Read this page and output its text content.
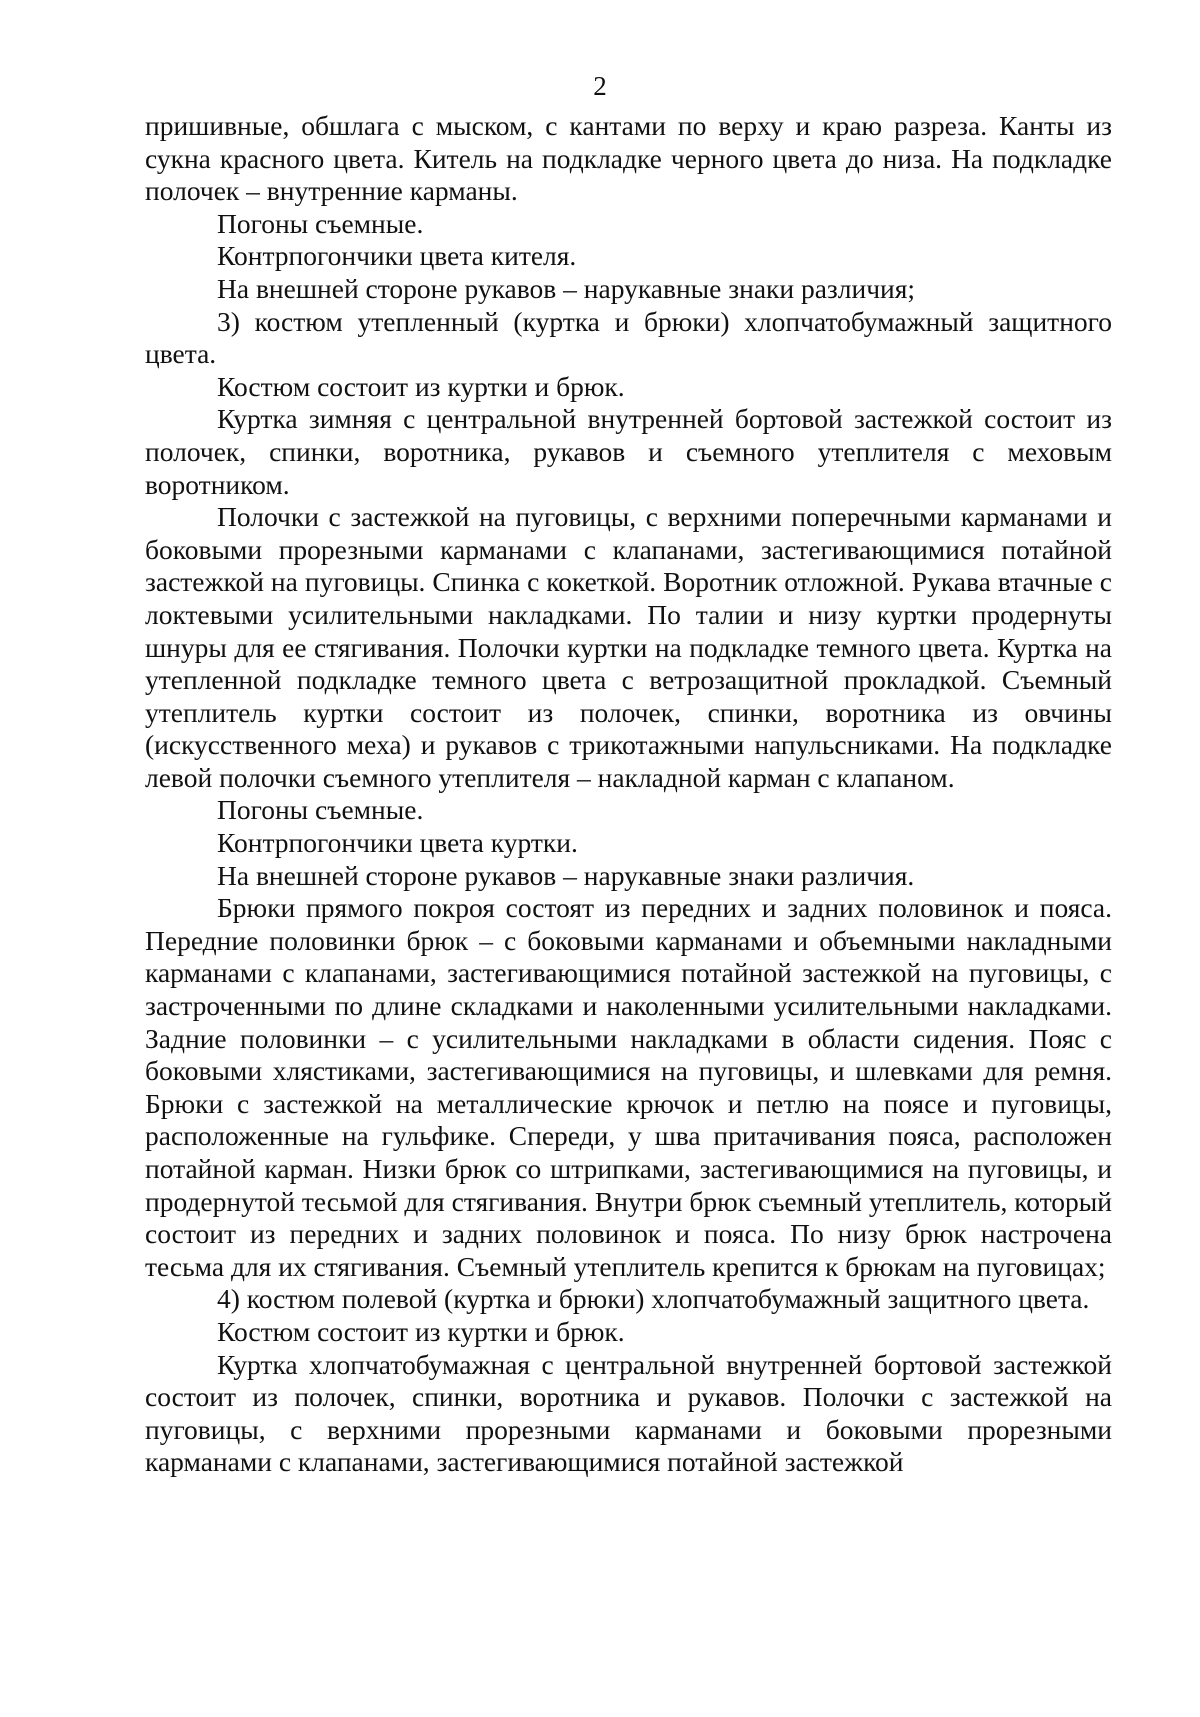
2

пришивные, обшлага с мыском, с кантами по верху и краю разреза. Канты из сукна красного цвета. Китель на подкладке черного цвета до низа. На подкладке полочек – внутренние карманы.

Погоны съемные.

Контрпогончики цвета кителя.

На внешней стороне рукавов – нарукавные знаки различия;

3) костюм утепленный (куртка и брюки) хлопчатобумажный защитного цвета.

Костюм состоит из куртки и брюк.

Куртка зимняя с центральной внутренней бортовой застежкой состоит из полочек, спинки, воротника, рукавов и съемного утеплителя с меховым воротником.

Полочки с застежкой на пуговицы, с верхними поперечными карманами и боковыми прорезными карманами с клапанами, застегивающимися потайной застежкой на пуговицы. Спинка с кокеткой. Воротник отложной. Рукава втачные с локтевыми усилительными накладками. По талии и низу куртки продернуты шнуры для ее стягивания. Полочки куртки на подкладке темного цвета. Куртка на утепленной подкладке темного цвета с ветрозащитной прокладкой. Съемный утеплитель куртки состоит из полочек, спинки, воротника из овчины (искусственного меха) и рукавов с трикотажными напульсниками. На подкладке левой полочки съемного утеплителя – накладной карман с клапаном.

Погоны съемные.

Контрпогончики цвета куртки.

На внешней стороне рукавов – нарукавные знаки различия.

Брюки прямого покроя состоят из передних и задних половинок и пояса. Передние половинки брюк – с боковыми карманами и объемными накладными карманами с клапанами, застегивающимися потайной застежкой на пуговицы, с застроченными по длине складками и наколенными усилительными накладками. Задние половинки – с усилительными накладками в области сидения. Пояс с боковыми хлястиками, застегивающимися на пуговицы, и шлевками для ремня. Брюки с застежкой на металлические крючок и петлю на поясе и пуговицы, расположенные на гульфике. Спереди, у шва притачивания пояса, расположен потайной карман. Низки брюк со штрипками, застегивающимися на пуговицы, и продернутой тесьмой для стягивания. Внутри брюк съемный утеплитель, который состоит из передних и задних половинок и пояса. По низу брюк настрочена тесьма для их стягивания. Съемный утеплитель крепится к брюкам на пуговицах;

4) костюм полевой (куртка и брюки) хлопчатобумажный защитного цвета.

Костюм состоит из куртки и брюк.

Куртка хлопчатобумажная с центральной внутренней бортовой застежкой состоит из полочек, спинки, воротника и рукавов. Полочки с застежкой на пуговицы, с верхними прорезными карманами и боковыми прорезными карманами с клапанами, застегивающимися потайной застежкой
